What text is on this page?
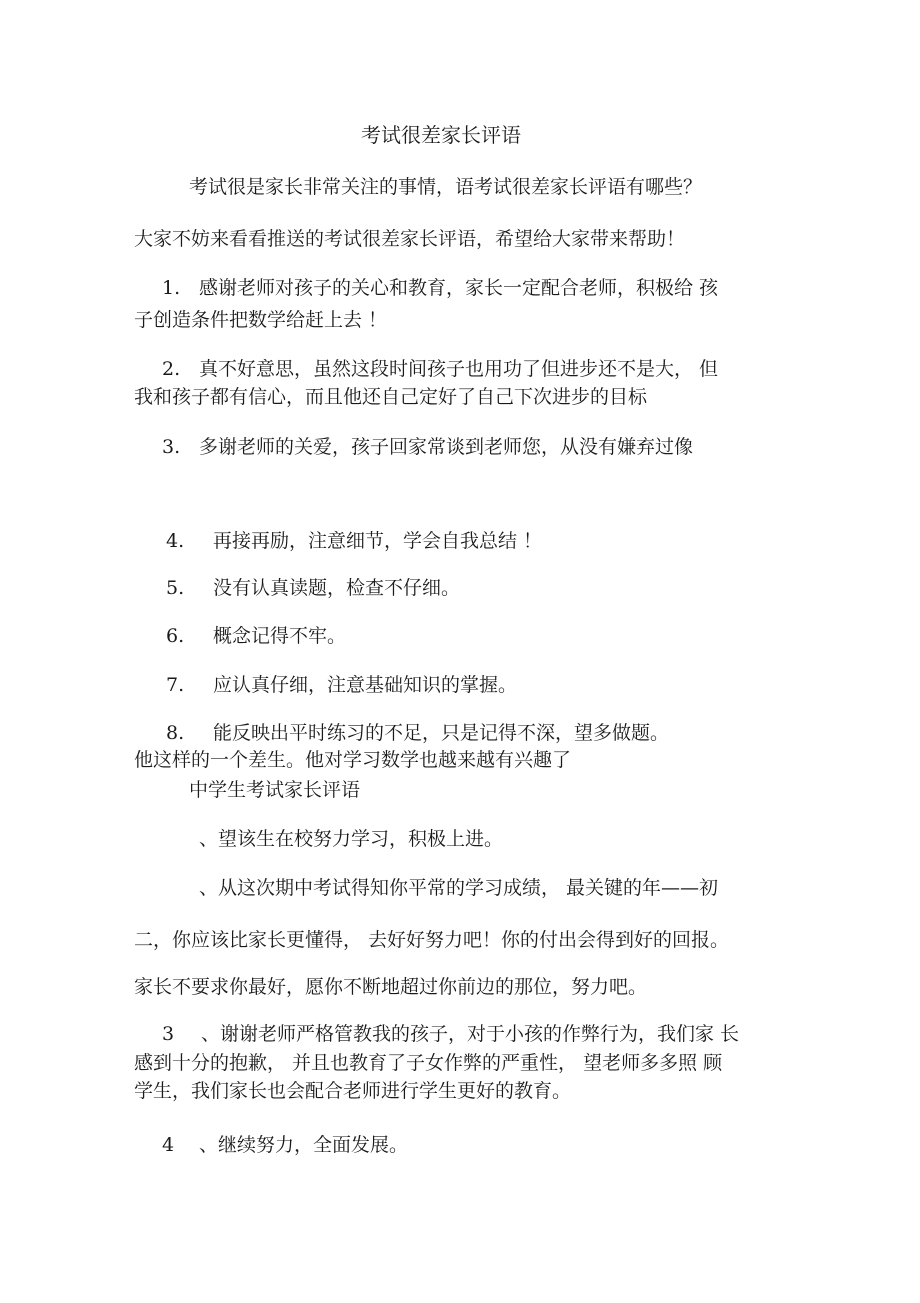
考试很差家长评语
考试很是家长非常关注的事情，语考试很差家长评语有哪些？
大家不妨来看看推送的考试很差家长评语，希望给大家带来帮助！
1. 感谢老师对孩子的关心和教育，家长一定配合老师，积极给 孩
子创造条件把数学给赶上去 ！
2. 真不好意思，虽然这段时间孩子也用功了但进步还不是大， 但
我和孩子都有信心，而且他还自己定好了自己下次进步的目标
3. 多谢老师的关爱，孩子回家常谈到老师您，从没有嫌弃过像
4. 再接再励，注意细节，学会自我总结 ！
5. 没有认真读题，检查不仔细。
6. 概念记得不牢。
7. 应认真仔细，注意基础知识的掌握。
8. 能反映出平时练习的不足，只是记得不深，望多做题。
他这样的一个差生。他对学习数学也越来越有兴趣了
中学生考试家长评语
、望该生在校努力学习，积极上进。
、从这次期中考试得知你平常的学习成绩， 最关键的年——初
二，你应该比家长更懂得， 去好好努力吧！你的付出会得到好的回报。
家长不要求你最好，愿你不断地超过你前边的那位，努力吧。
3 、谢谢老师严格管教我的孩子，对于小孩的作弊行为，我们家 长
感到十分的抱歉， 并且也教育了子女作弊的严重性， 望老师多多照 顾
学生，我们家长也会配合老师进行学生更好的教育。
4 、继续努力，全面发展。
